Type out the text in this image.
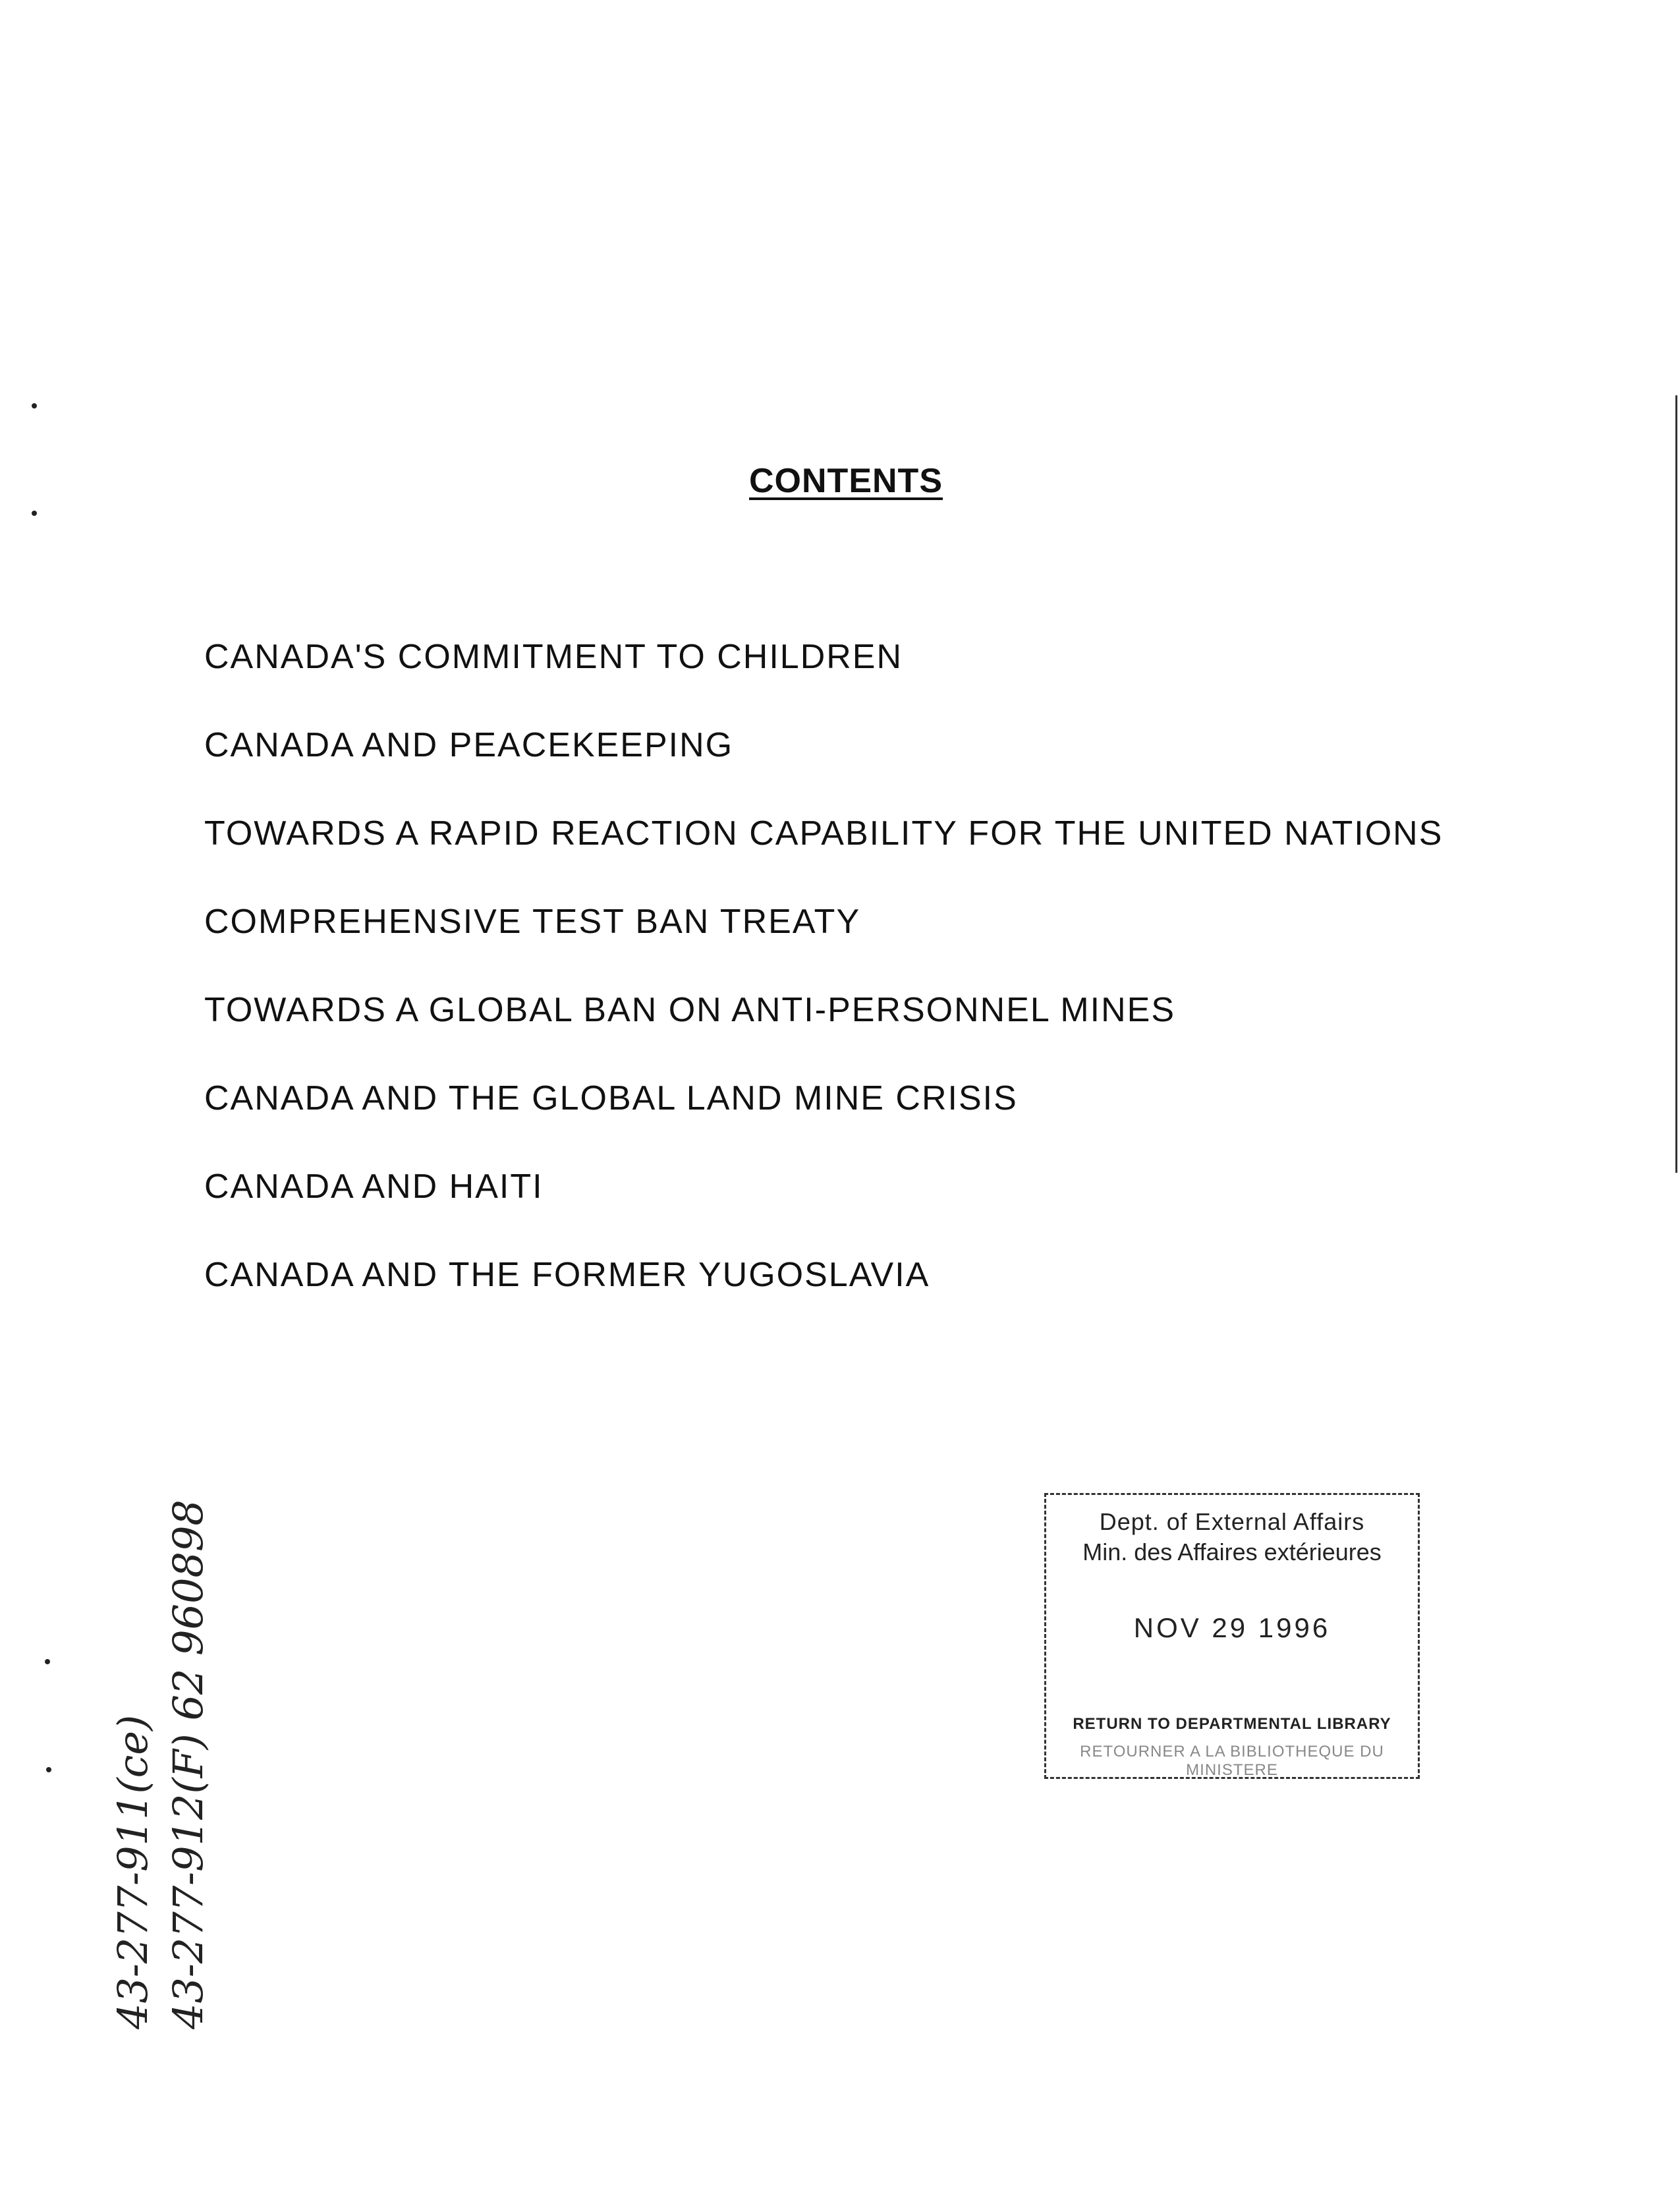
CONTENTS
CANADA'S COMMITMENT TO CHILDREN
CANADA AND PEACEKEEPING
TOWARDS A RAPID REACTION CAPABILITY FOR THE UNITED NATIONS
COMPREHENSIVE TEST BAN TREATY
TOWARDS A GLOBAL BAN ON ANTI-PERSONNEL MINES
CANADA AND THE GLOBAL LAND MINE CRISIS
CANADA AND HAITI
CANADA AND THE FORMER YUGOSLAVIA
Dept. of External Affairs
Min. des Affaires extérieures
NOV 29 1996
RETURN TO DEPARTMENTAL LIBRARY
RETOURNER A LA BIBLIOTHEQUE DU MINISTERE
43-277-911(ce) 43-277-912(F) 62 960898
